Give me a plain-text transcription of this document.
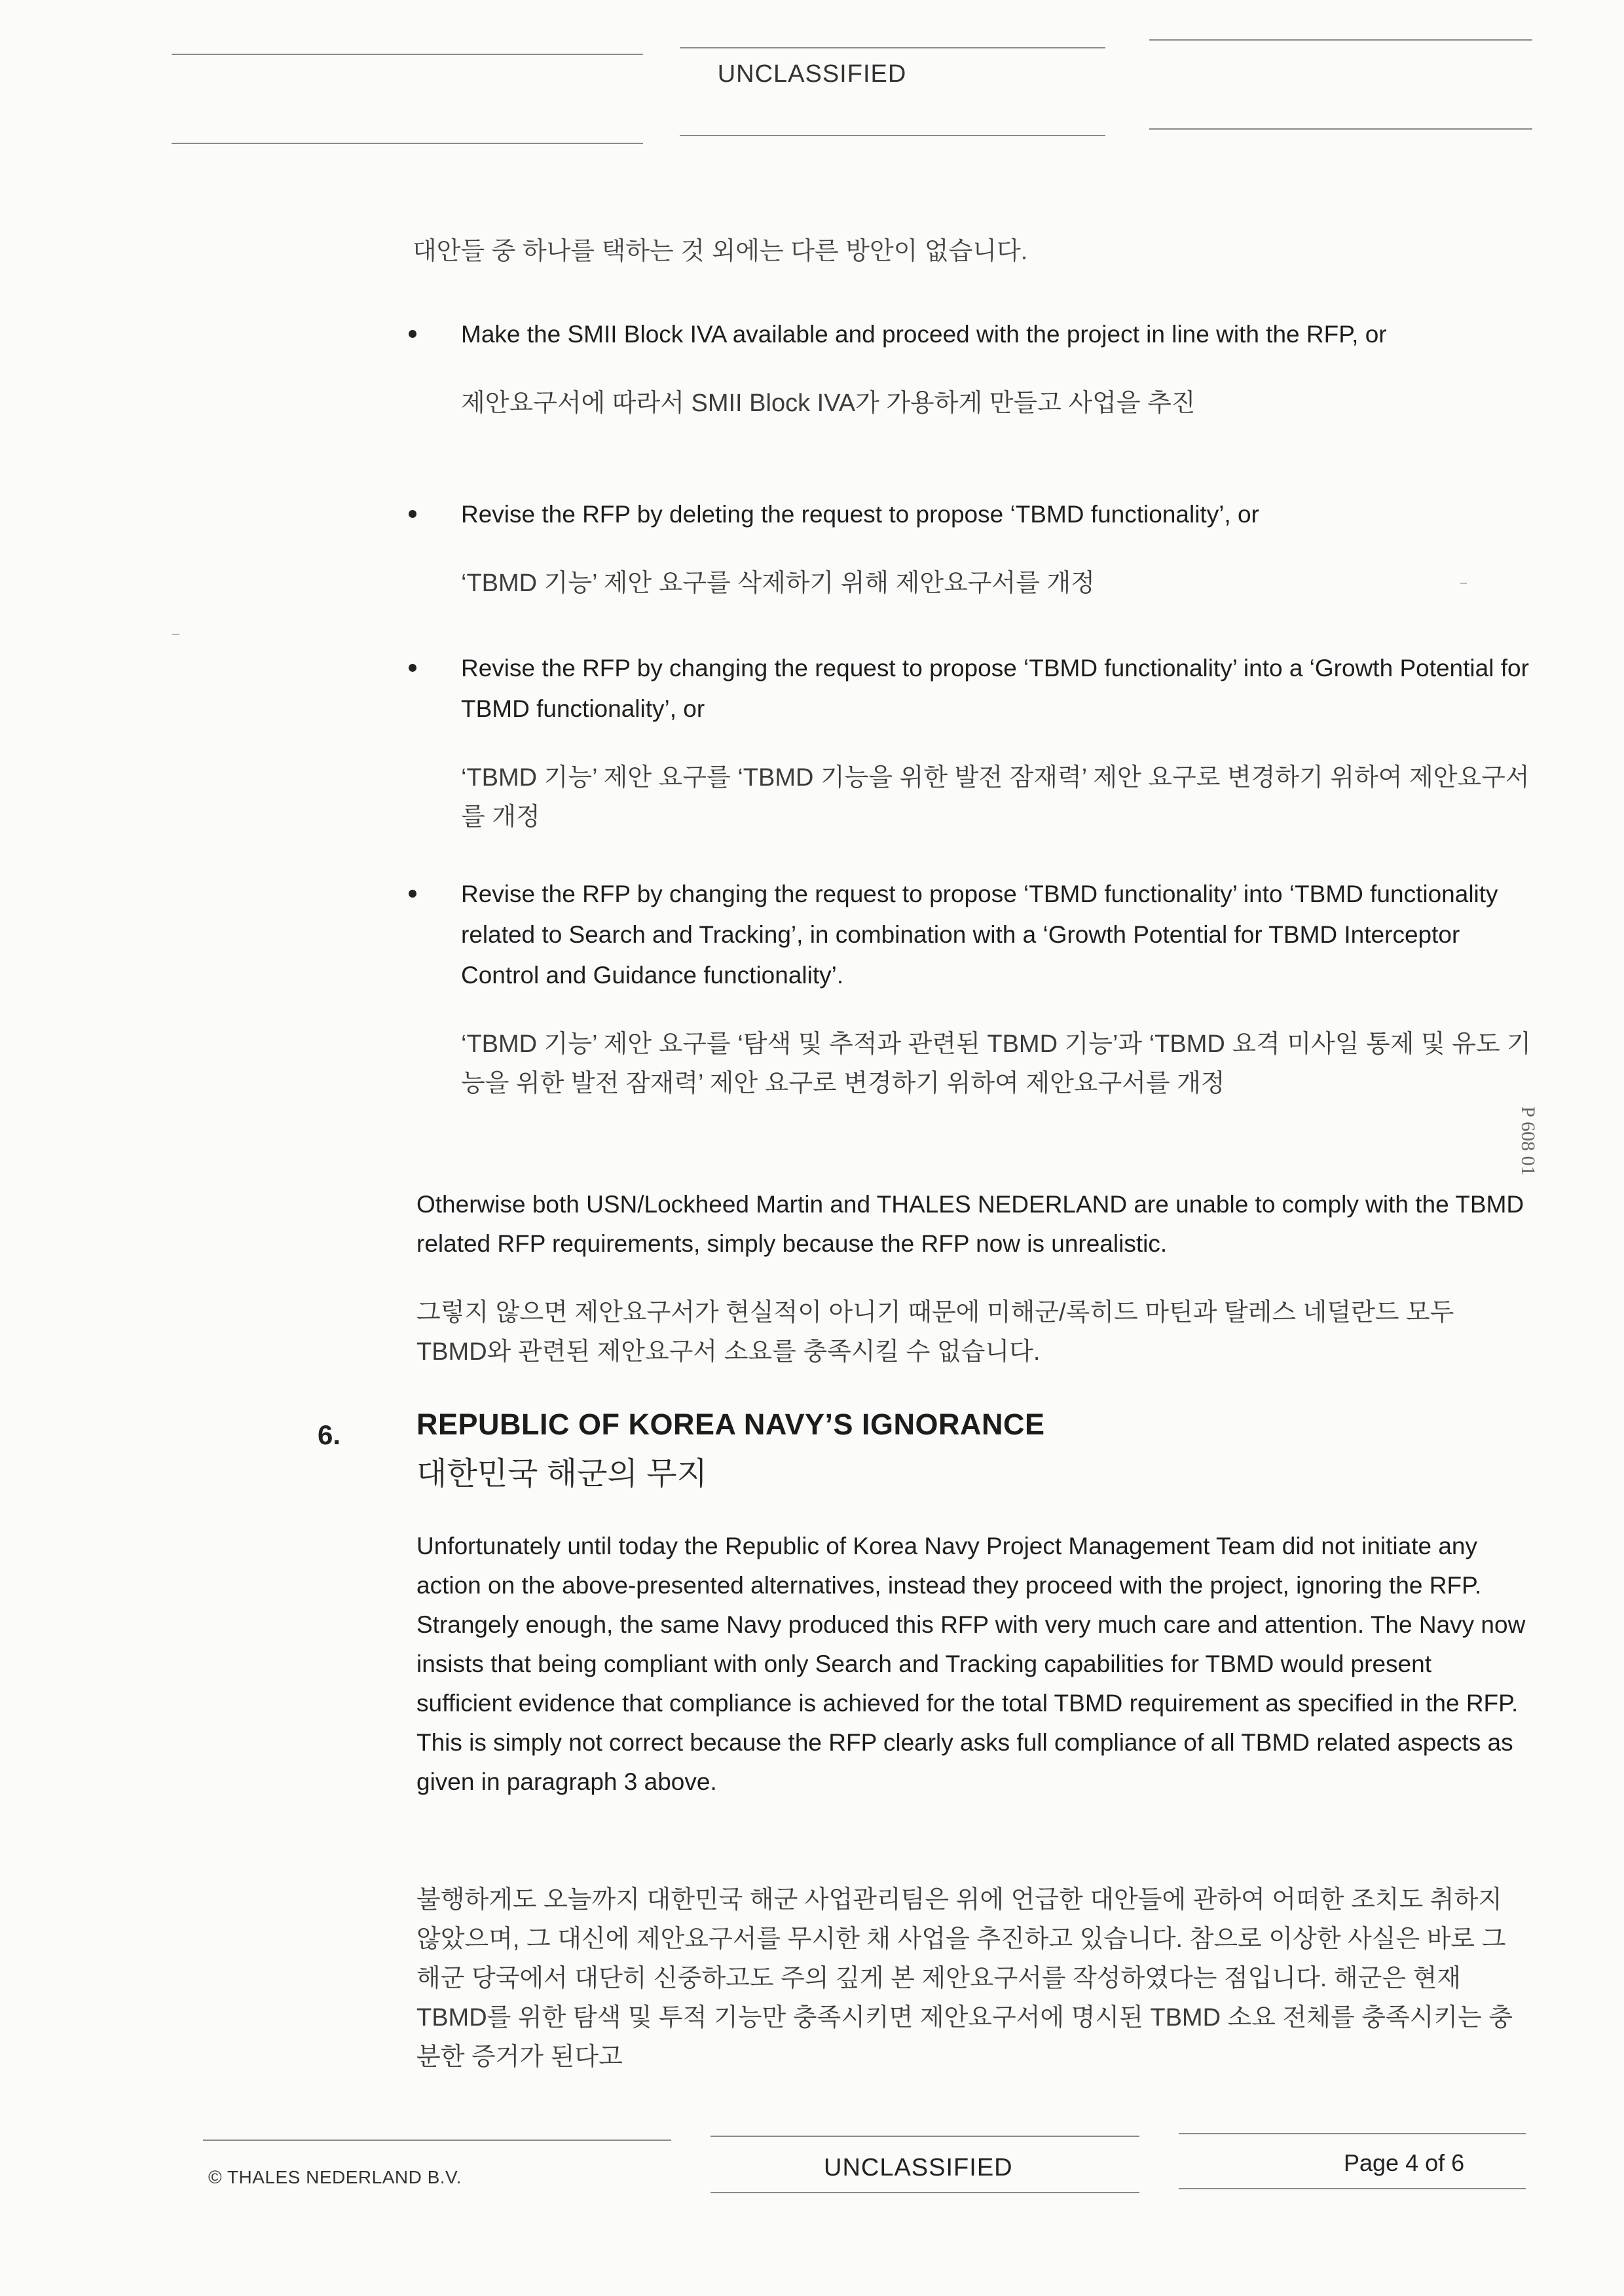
UNCLASSIFIED
대안들 중 하나를 택하는 것 외에는 다른 방안이 없습니다.
Make the SMII Block IVA available and proceed with the project in line with the RFP, or
제안요구서에 따라서 SMII Block IVA가 가용하게 만들고 사업을 추진
Revise the RFP by deleting the request to propose ‘TBMD functionality’, or
‘TBMD 기능’ 제안 요구를 삭제하기 위해 제안요구서를 개정
Revise the RFP by changing the request to propose ‘TBMD functionality’ into a ‘Growth Potential for TBMD functionality’, or
‘TBMD 기능’ 제안 요구를 ‘TBMD 기능을 위한 발전 잠재력’ 제안 요구로 변경하기 위하여 제안요구서를 개정
Revise the RFP by changing the request to propose ‘TBMD functionality’ into ‘TBMD functionality related to Search and Tracking’, in combination with a ‘Growth Potential for TBMD Interceptor Control and Guidance functionality’.
‘TBMD 기능’ 제안 요구를 ‘탐색 및 추적과 관련된 TBMD 기능’과 ‘TBMD 요격 미사일 통제 및 유도 기능을 위한 발전 잠재력’ 제안 요구로 변경하기 위하여 제안요구서를 개정
Otherwise both USN/Lockheed Martin and THALES NEDERLAND are unable to comply with the TBMD related RFP requirements, simply because the RFP now is unrealistic.
그렇지 않으면 제안요구서가 현실적이 아니기 때문에 미해군/록히드 마틴과 탈레스 네덜란드 모두 TBMD와 관련된 제안요구서 소요를 충족시킬 수 없습니다.
6.	REPUBLIC OF KOREA NAVY’S IGNORANCE
대한민국 해군의 무지
Unfortunately until today the Republic of Korea Navy Project Management Team did not initiate any action on the above-presented alternatives, instead they proceed with the project, ignoring the RFP. Strangely enough, the same Navy produced this RFP with very much care and attention. The Navy now insists that being compliant with only Search and Tracking capabilities for TBMD would present sufficient evidence that compliance is achieved for the total TBMD requirement as specified in the RFP. This is simply not correct because the RFP clearly asks full compliance of all TBMD related aspects as given in paragraph 3 above.
불행하게도 오늘까지 대한민국 해군 사업관리팀은 위에 언급한 대안들에 관하여 어떠한 조치도 취하지 않았으며, 그 대신에 제안요구서를 무시한 채 사업을 추진하고 있습니다. 참으로 이상한 사실은 바로 그 해군 당국에서 대단히 신중하고도 주의 깊게 본 제안요구서를 작성하였다는 점입니다. 해군은 현재 TBMD를 위한 탐색 및 투적 기능만 충족시키면 제안요구서에 명시된 TBMD 소요 전체를 충족시키는 충분한 증거가 된다고
P 608 01
© THALES NEDERLAND B.V.	UNCLASSIFIED	Page 4 of 6
